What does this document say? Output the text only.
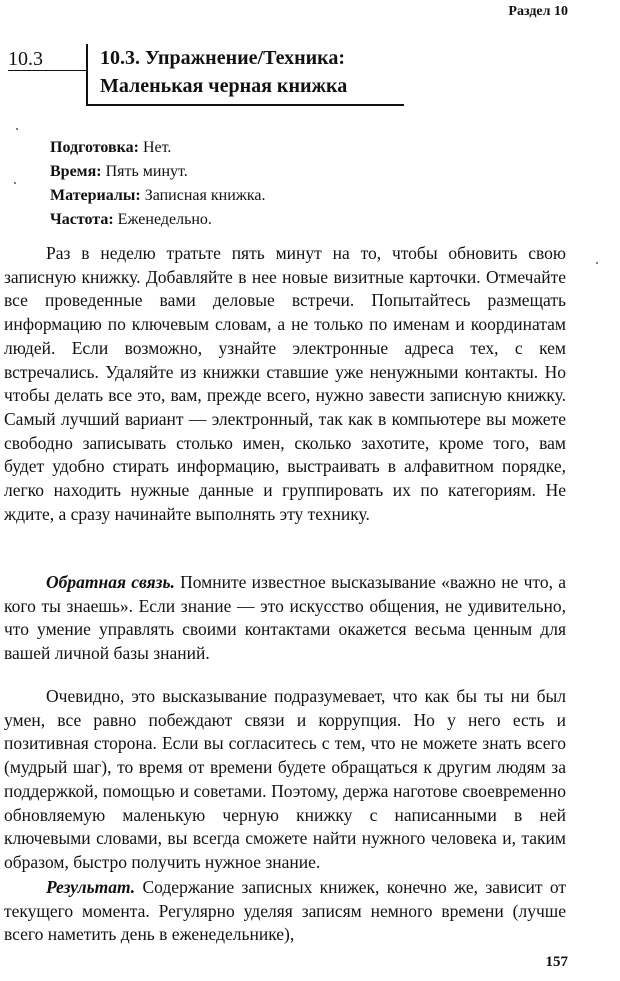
Раздел 10
10.3	10.3. Упражнение/Техника:
Маленькая черная книжка
Подготовка: Нет.
Время: Пять минут.
Материалы: Записная книжка.
Частота: Еженедельно.

Раз в неделю тратьте пять минут на то, чтобы обновить свою записную книжку. Добавляйте в нее новые визитные карточки. Отмечайте все проведенные вами деловые встречи. Попытайтесь размещать информацию по ключевым словам, а не только по именам и координатам людей. Если возможно, узнайте электронные адреса тех, с кем встречались. Удаляйте из книжки ставшие уже ненужными контакты. Но чтобы делать все это, вам, прежде всего, нужно завести записную книжку. Самый лучший вариант — электронный, так как в компьютере вы можете свободно записывать столько имен, сколько захотите, кроме того, вам будет удобно стирать информацию, выстраивать в алфавитном порядке, легко находить нужные данные и группировать их по категориям. Не ждите, а сразу начинайте выполнять эту технику.

Обратная связь. Помните известное высказывание «важно не что, а кого ты знаешь». Если знание — это искусство общения, не удивительно, что умение управлять своими контактами окажется весьма ценным для вашей личной базы знаний.

Очевидно, это высказывание подразумевает, что как бы ты ни был умен, все равно побеждают связи и коррупция. Но у него есть и позитивная сторона. Если вы согласитесь с тем, что не можете знать всего (мудрый шаг), то время от времени будете обращаться к другим людям за поддержкой, помощью и советами. Поэтому, держа наготове своевременно обновляемую маленькую черную книжку с написанными в ней ключевыми словами, вы всегда сможете найти нужного человека и, таким образом, быстро получить нужное знание.

Результат. Содержание записных книжек, конечно же, зависит от текущего момента. Регулярно уделяя записям немного времени (лучше всего наметить день в еженедельнике),

157
